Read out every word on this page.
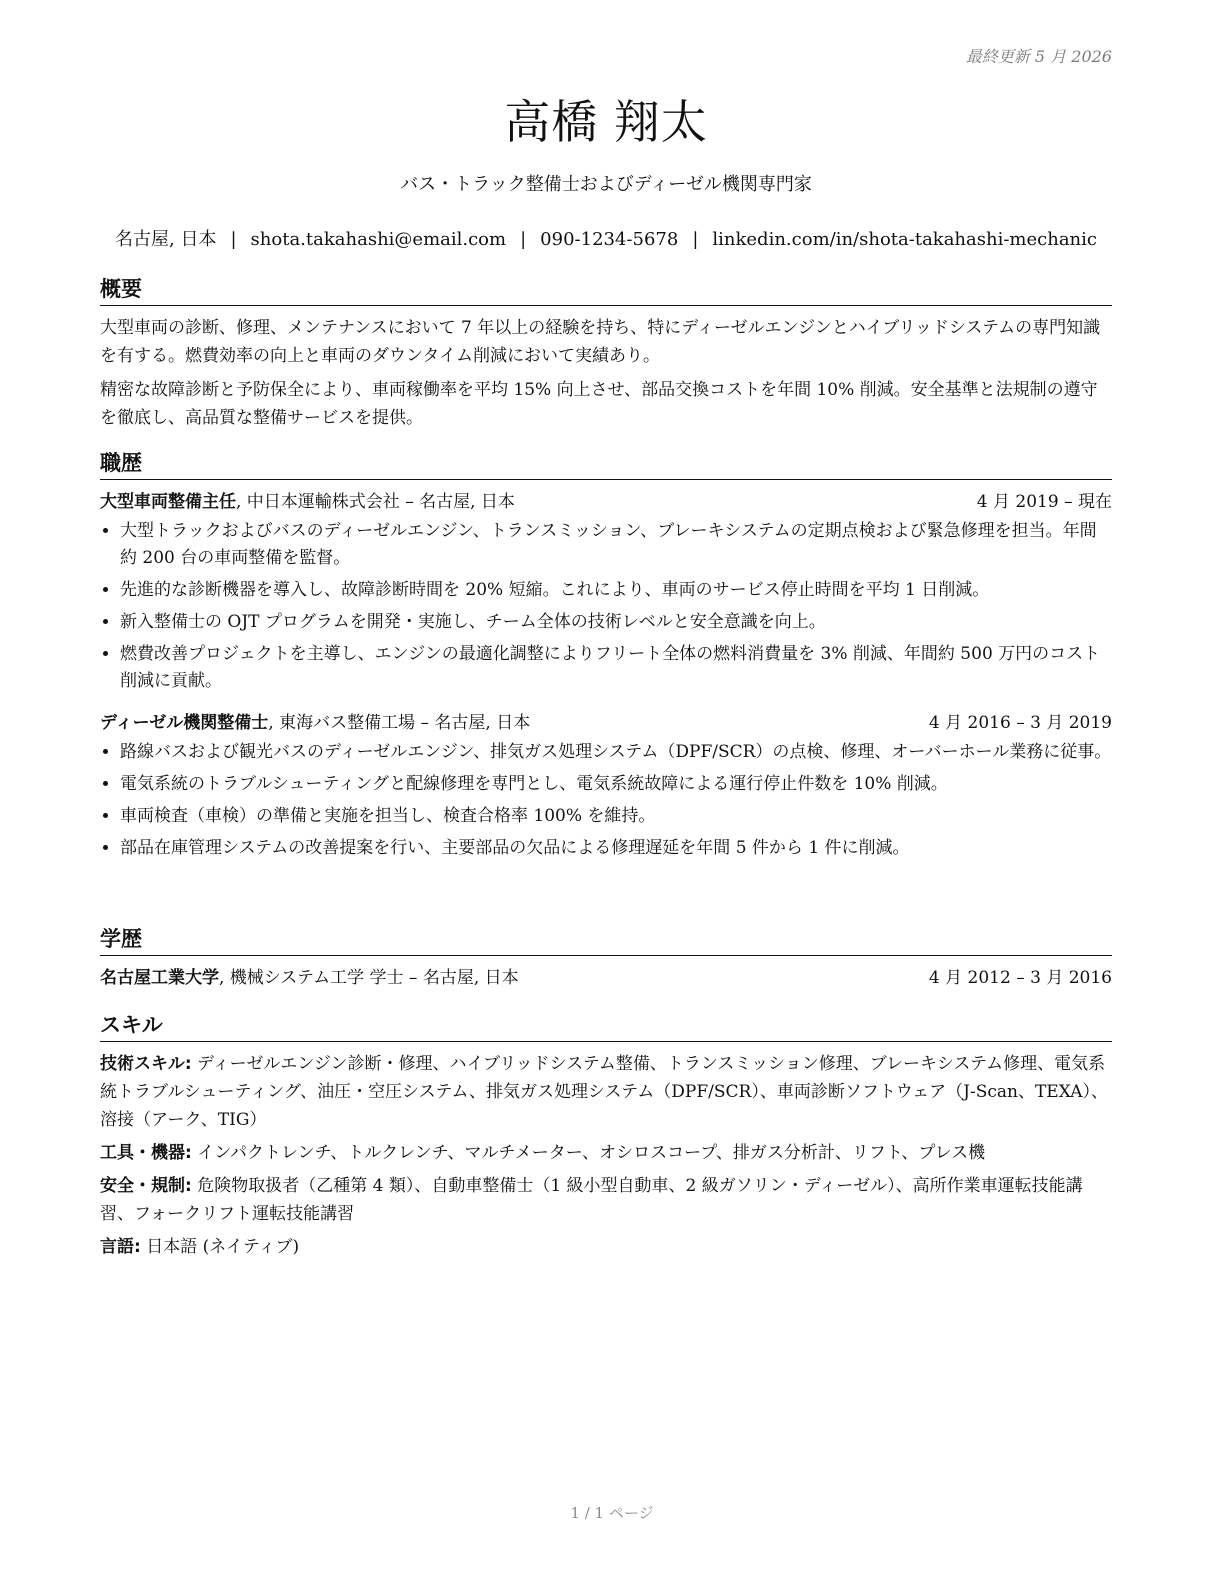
最終更新 5 月 2026
高橋 翔太
バス・トラック整備士およびディーゼル機関専門家
名古屋, 日本 | shota.takahashi@email.com | 090-1234-5678 | linkedin.com/in/shota-takahashi-mechanic
概要

大型車両の診断、修理、メンテナンスにおいて 7 年以上の経験を持ち、特にディーゼルエンジンとハイブリッドシステムの専門知識を有する。燃費効率の向上と車両のダウンタイム削減において実績あり。

精密な故障診断と予防保全により、車両稼働率を平均 15% 向上させ、部品交換コストを年間 10% 削減。安全基準と法規制の遵守を徹底し、高品質な整備サービスを提供。

職歴
大型車両整備主任, 中日本運輸株式会社 – 名古屋, 日本	4 月 2019 – 現在
• 大型トラックおよびバスのディーゼルエンジン、トランスミッション、ブレーキシステムの定期点検および緊急修理を担当。年間約 200 台の車両整備を監督。
• 先進的な診断機器を導入し、故障診断時間を 20% 短縮。これにより、車両のサービス停止時間を平均 1 日削減。
• 新入整備士の OJT プログラムを開発・実施し、チーム全体の技術レベルと安全意識を向上。
• 燃費改善プロジェクトを主導し、エンジンの最適化調整によりフリート全体の燃料消費量を 3% 削減、年間約 500 万円のコスト削減に貢献。
ディーゼル機関整備士, 東海バス整備工場 – 名古屋, 日本	4 月 2016 – 3 月 2019
• 路線バスおよび観光バスのディーゼルエンジン、排気ガス処理システム（DPF/SCR）の点検、修理、オーバーホール業務に従事。
• 電気系統のトラブルシューティングと配線修理を専門とし、電気系統故障による運行停止件数を 10% 削減。
• 車両検査（車検）の準備と実施を担当し、検査合格率 100% を維持。
• 部品在庫管理システムの改善提案を行い、主要部品の欠品による修理遅延を年間 5 件から 1 件に削減。
学歴
名古屋工業大学, 機械システム工学 学士 – 名古屋, 日本	4 月 2012 – 3 月 2016
スキル

技術スキル: ディーゼルエンジン診断・修理、ハイブリッドシステム整備、トランスミッション修理、ブレーキシステム修理、電気系統トラブルシューティング、油圧・空圧システム、排気ガス処理システム（DPF/SCR）、車両診断ソフトウェア（J-Scan、TEXA）、溶接（アーク、TIG）

工具・機器: インパクトレンチ、トルクレンチ、マルチメーター、オシロスコープ、排ガス分析計、リフト、プレス機

安全・規制: 危険物取扱者（乙種第 4 類）、自動車整備士（1 級小型自動車、2 級ガソリン・ディーゼル）、高所作業車運転技能講習、フォークリフト運転技能講習

言語: 日本語 (ネイティブ)

1 / 1 ページ
